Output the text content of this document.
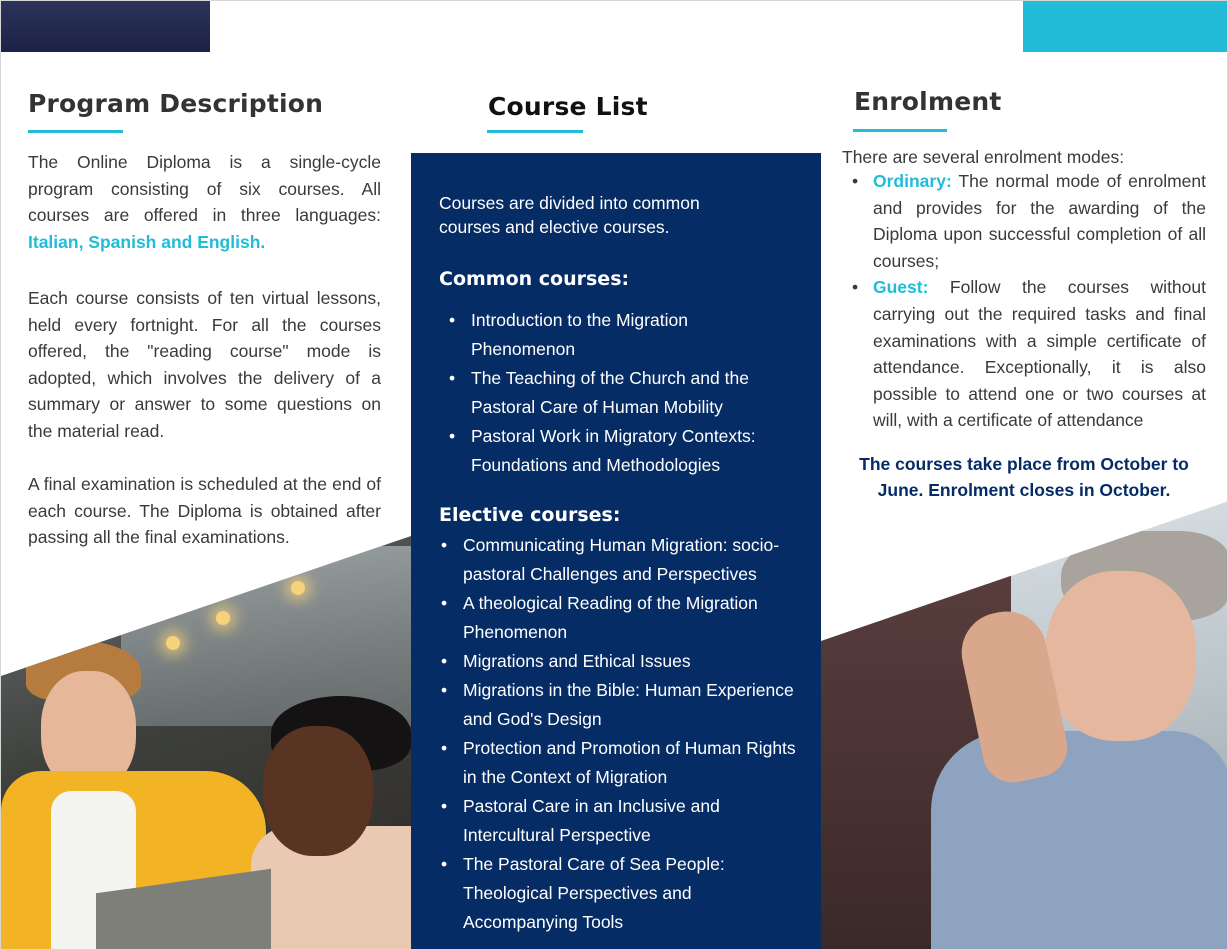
Program Description
The Online Diploma is a single-cycle program consisting of six courses. All courses are offered in three languages: Italian, Spanish and English.
Each course consists of ten virtual lessons, held every fortnight. For all the courses offered, the "reading course" mode is adopted, which involves the delivery of a summary or answer to some questions on the material read.
A final examination is scheduled at the end of each course. The Diploma is obtained after passing all the final examinations.
Course List
Courses are divided into common courses and elective courses.
Common courses:
• Introduction to the Migration Phenomenon
• The Teaching of the Church and the Pastoral Care of Human Mobility
• Pastoral Work in Migratory Contexts: Foundations and Methodologies
Elective courses:
• Communicating Human Migration: socio-pastoral Challenges and Perspectives
• A theological Reading of the Migration Phenomenon
• Migrations and Ethical Issues
• Migrations in the Bible: Human Experience and God's Design
• Protection and Promotion of Human Rights in the Context of Migration
• Pastoral Care in an Inclusive and Intercultural Perspective
• The Pastoral Care of Sea People: Theological Perspectives and Accompanying Tools
Enrolment
There are several enrolment modes:
• Ordinary: The normal mode of enrolment and provides for the awarding of the Diploma upon successful completion of all courses;
• Guest: Follow the courses without carrying out the required tasks and final examinations with a simple certificate of attendance. Exceptionally, it is also possible to attend one or two courses at will, with a certificate of attendance
The courses take place from October to June. Enrolment closes in October.
